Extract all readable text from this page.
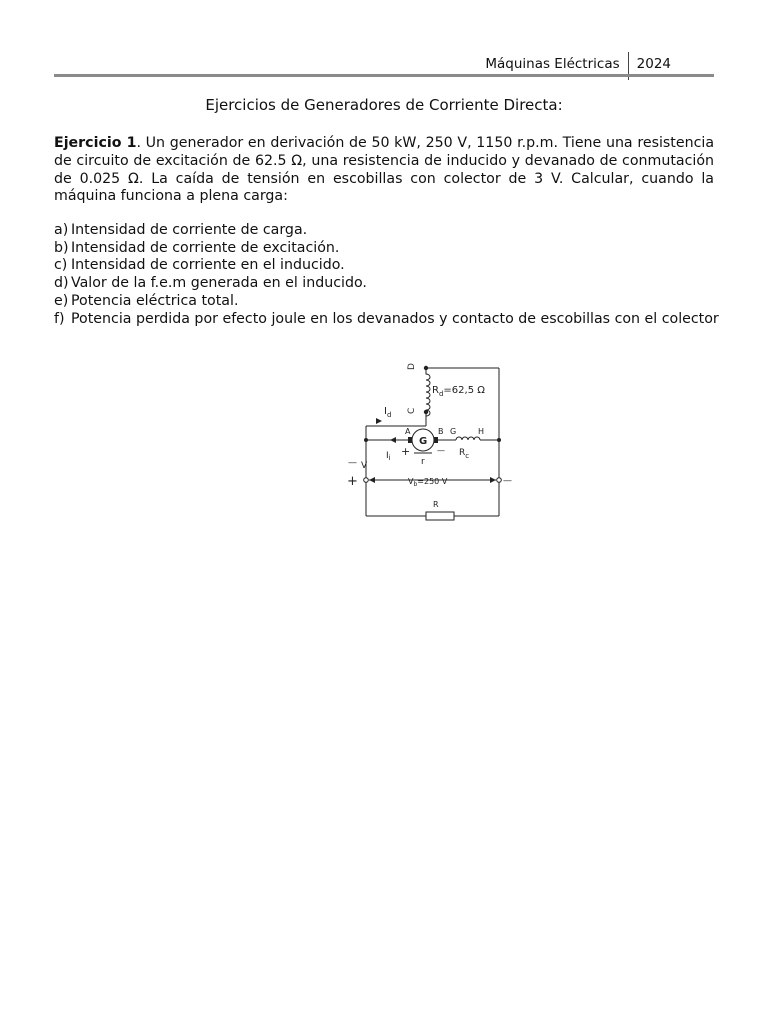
Máquinas Eléctricas 2024
Ejercicios de Generadores de Corriente Directa:
Ejercicio 1. Un generador en derivación de 50 kW, 250 V, 1150 r.p.m. Tiene una resistencia de circuito de excitación de 62.5 Ω, una resistencia de inducido y devanado de conmutación de 0.025 Ω. La caída de tensión en escobillas con colector de 3 V. Calcular, cuando la máquina funciona a plena carga:
a) Intensidad de corriente de carga.
b) Intensidad de corriente de excitación.
c) Intensidad de corriente en el inducido.
d) Valor de la f.e.m generada en el inducido.
e) Potencia eléctrica total.
f) Potencia perdida por efecto joule en los devanados y contacto de escobillas con el colector
D
C
$R_d=62,5$ Ω
$I_d$
A	B
G
G	H
$I_i$ +	—
r
$R_c$
— V
+	$V_b=250$ V	—
R
